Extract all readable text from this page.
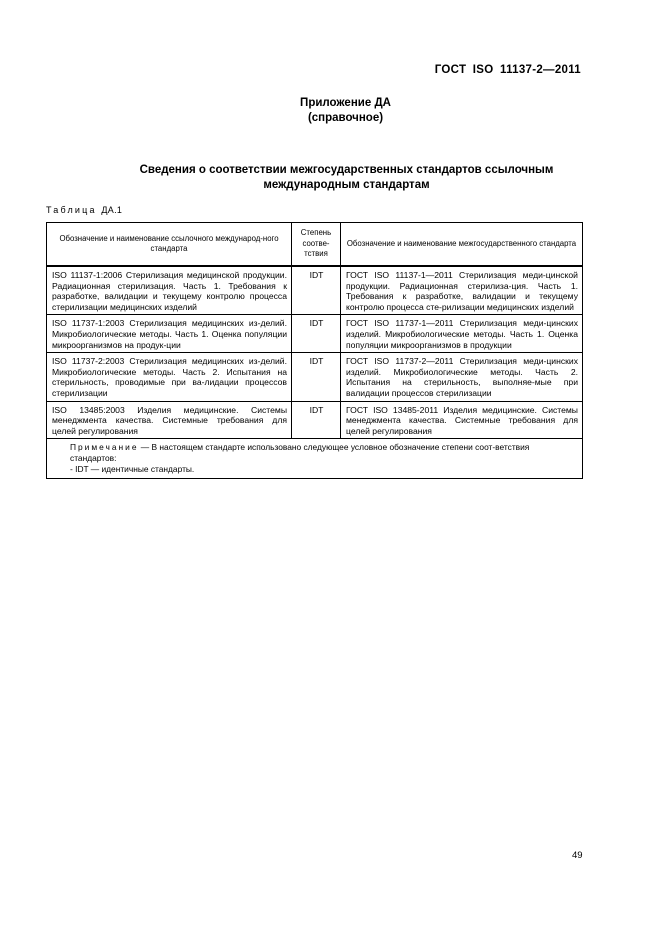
ГОСТ ISO 11137-2—2011
Приложение ДА
(справочное)
Сведения о соответствии межгосударственных стандартов ссылочным
международным стандартам
Таблица ДА.1
Обозначение и наименование ссылочного международ-ного стандарта	Степень соотве-тствия	Обозначение и наименование межгосударственного стандарта
ISO 11137-1:2006 Стерилизация медицинской продукции. Радиационная стерилизация. Часть 1. Требования к разработке, валидации и текущему контролю процесса стерилизации медицинских изделий	IDT	ГОСТ ISO 11137-1—2011 Стерилизация меди-цинской продукции. Радиационная стерилиза-ция. Часть 1. Требования к разработке, валидации и текущему контролю процесса сте-рилизации медицинских изделий
ISO 11737-1:2003 Стерилизация медицинских из-делий. Микробиологические методы. Часть 1. Оценка популяции микроорганизмов на продук-ции	IDT	ГОСТ ISO 11737-1—2011 Стерилизация меди-цинских изделий. Микробиологические методы. Часть 1. Оценка популяции микроорганизмов в продукции
ISO 11737-2:2003 Стерилизация медицинских из-делий. Микробиологические методы. Часть 2. Испытания на стерильность, проводимые при ва-лидации процессов стерилизации	IDT	ГОСТ ISO 11737-2—2011 Стерилизация меди-цинских изделий. Микробиологические методы. Часть 2. Испытания на стерильность, выполняе-мые при валидации процессов стерилизации
ISO 13485:2003 Изделия медицинские. Системы менеджмента качества. Системные требования для целей регулирования	IDT	ГОСТ ISO 13485-2011 Изделия медицинские. Системы менеджмента качества. Системные требования для целей регулирования

Примечание — В настоящем стандарте использовано следующее условное обозначение степени соот-ветствия стандартов:
- IDT — идентичные стандарты.		
49
